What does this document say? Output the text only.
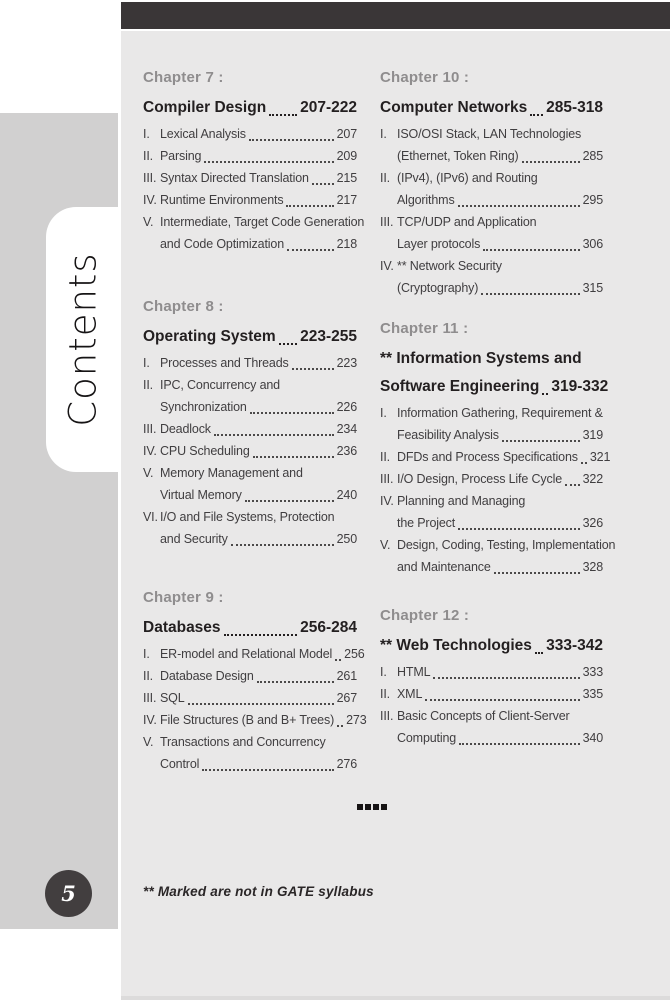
Chapter 7 :
Compiler Design 207-222
I. Lexical Analysis	207
II. Parsing	209
III. Syntax Directed Translation 215
IV. Runtime Environments	217
V. Intermediate, Target Code Generation
and Code Optimization	218
Chapter 8 :
Operating System 223-255
I. Processes and Threads	223
II. IPC, Concurrency and
Synchronization	226
III. Deadlock	234
IV. CPU Scheduling	236
V. Memory Management and
Virtual Memory	240
VI. I/O and File Systems, Protection
and Security	250
Chapter 9 :
Databases	256-284
I. ER-model and Relational Model 256
II. Database Design	261
III. SQL	267
IV. File Structures (B and B+ Trees) 273
V. Transactions and Concurrency
Control	276
Chapter 10 :
Computer Networks 285-318
I. ISO/OSI Stack, LAN Technologies
(Ethernet, Token Ring)	285
II. (IPv4), (IPv6) and Routing
Algorithms	295
III. TCP/UDP and Application
Layer protocols	306
IV. ** Network Security
(Cryptography)	315
Chapter 11 :
** Information Systems and
Software Engineering 319-332
I. Information Gathering, Requirement &
Feasibility Analysis	319
II. DFDs and Process Specifications 321
III. I/O Design, Process Life Cycle 322
IV. Planning and Managing
the Project	326
V. Design, Coding, Testing, Implementation
and Maintenance	328
Chapter 12 :
** Web Technologies 333-342
I. HTML	333
II. XML	335
III. Basic Concepts of Client-Server
Computing	340
** Marked are not in GATE syllabus
Contents
5
